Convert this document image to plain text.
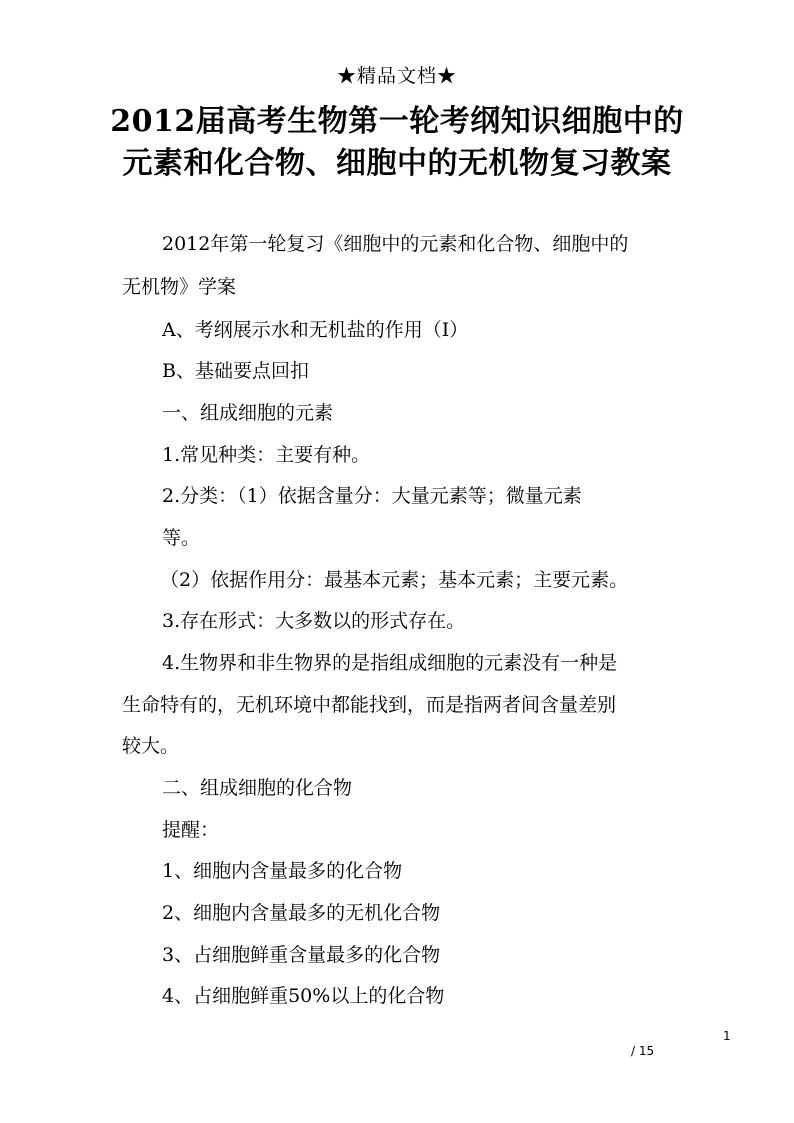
★精品文档★
2012届高考生物第一轮考纲知识细胞中的
元素和化合物、细胞中的无机物复习教案
2012年第一轮复习《细胞中的元素和化合物、细胞中的
无机物》学案
A、考纲展示水和无机盐的作用（I）
B、基础要点回扣
一、组成细胞的元素
1.常见种类：主要有种。
2.分类：（1）依据含量分：大量元素等；微量元素
等。
（2）依据作用分：最基本元素；基本元素；主要元素。
3.存在形式：大多数以的形式存在。
4.生物界和非生物界的是指组成细胞的元素没有一种是
生命特有的，无机环境中都能找到，而是指两者间含量差别
较大。
二、组成细胞的化合物
提醒：
1、细胞内含量最多的化合物
2、细胞内含量最多的无机化合物
3、占细胞鲜重含量最多的化合物
4、占细胞鲜重50%以上的化合物
1
/ 15
